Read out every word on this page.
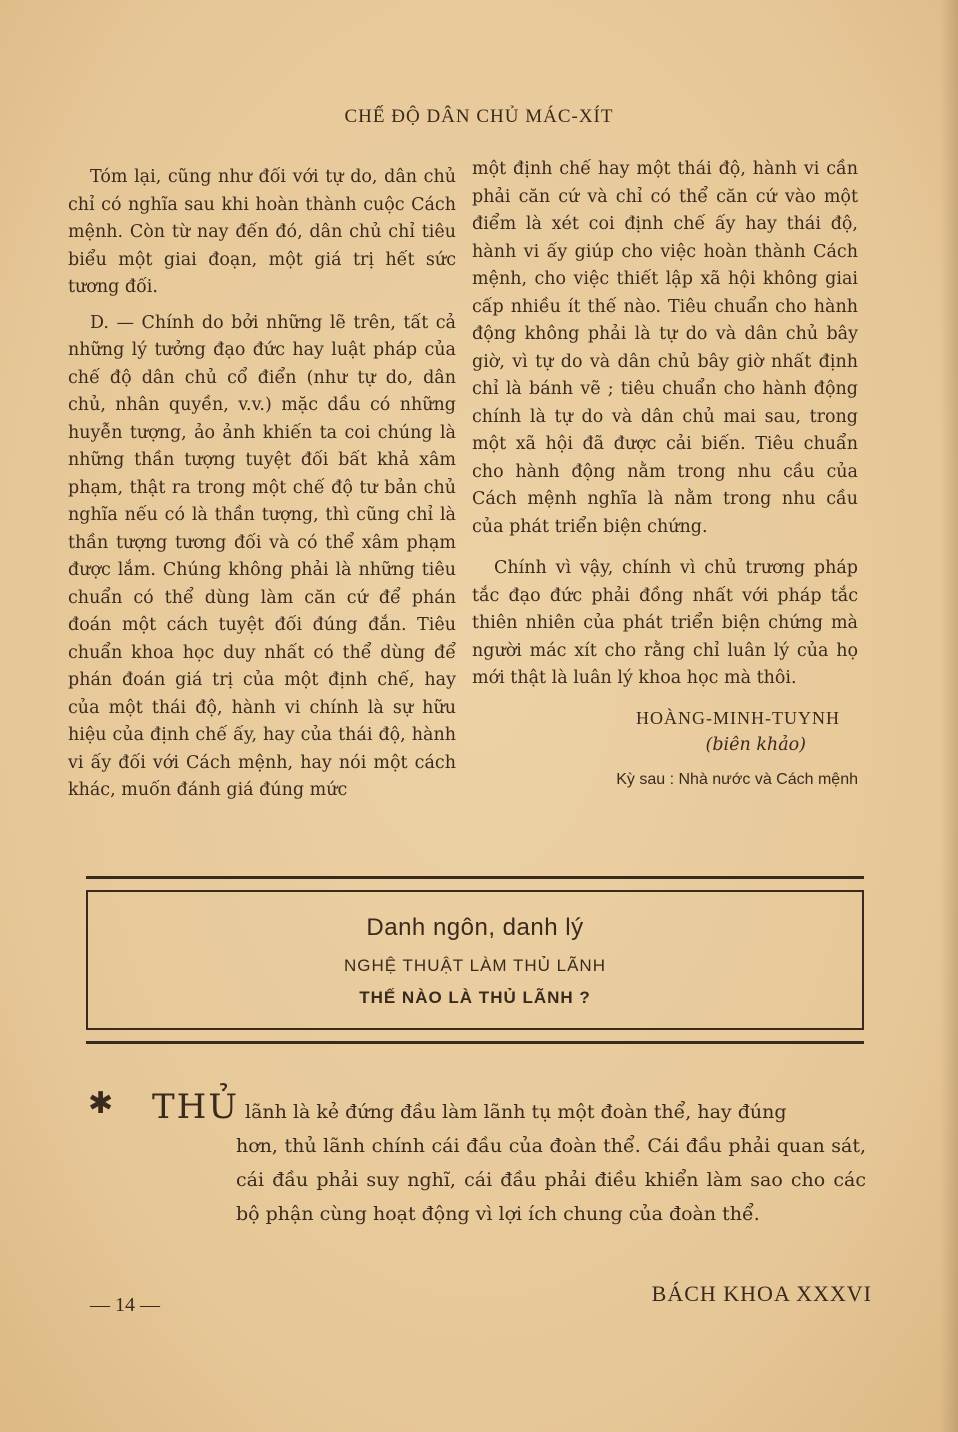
CHẾ ĐỘ DÂN CHỦ MÁC-XÍT

Tóm lại, cũng như đối với tự do, dân chủ chỉ có nghĩa sau khi hoàn thành cuộc Cách mệnh. Còn từ nay đến đó, dân chủ chỉ tiêu biểu một giai đoạn, một giá trị hết sức tương đối.

D. — Chính do bởi những lẽ trên, tất cả những lý tưởng đạo đức hay luật pháp của chế độ dân chủ cổ điển (như tự do, dân chủ, nhân quyền, v.v.) mặc dầu có những huyễn tượng, ảo ảnh khiến ta coi chúng là những thần tượng tuyệt đối bất khả xâm phạm, thật ra trong một chế độ tư bản chủ nghĩa nếu có là thần tượng, thì cũng chỉ là thần tượng tương đối và có thể xâm phạm được lắm. Chúng không phải là những tiêu chuẩn có thể dùng làm căn cứ để phán đoán một cách tuyệt đối đúng đắn. Tiêu chuẩn khoa học duy nhất có thể dùng để phán đoán giá trị của một định chế, hay của một thái độ, hành vi chính là sự hữu hiệu của định chế ấy, hay của thái độ, hành vi ấy đối với Cách mệnh, hay nói một cách khác, muốn đánh giá đúng mức

một định chế hay một thái độ, hành vi cần phải căn cứ và chỉ có thể căn cứ vào một điểm là xét coi định chế ấy hay thái độ, hành vi ấy giúp cho việc hoàn thành Cách mệnh, cho việc thiết lập xã hội không giai cấp nhiều ít thế nào. Tiêu chuẩn cho hành động không phải là tự do và dân chủ bây giờ, vì tự do và dân chủ bây giờ nhất định chỉ là bánh vẽ ; tiêu chuẩn cho hành động chính là tự do và dân chủ mai sau, trong một xã hội đã được cải biến. Tiêu chuẩn cho hành động nằm trong nhu cầu của Cách mệnh nghĩa là nằm trong nhu cầu của phát triển biện chứng.

Chính vì vậy, chính vì chủ trương pháp tắc đạo đức phải đồng nhất với pháp tắc thiên nhiên của phát triển biện chứng mà người mác xít cho rằng chỉ luân lý của họ mới thật là luân lý khoa học mà thôi.

HOÀNG-MINH-TUYNH

(biên khảo)

Kỳ sau : Nhà nước và Cách mệnh

Danh ngôn, danh lý
NGHỆ THUẬT LÀM THỦ LÃNH
THẾ NÀO LÀ THỦ LÃNH ?
✱ THỦ lãnh là kẻ đứng đầu làm lãnh tụ một đoàn thể, hay đúng

hơn, thủ lãnh chính cái đầu của đoàn thể. Cái đầu phải quan sát, cái đầu phải suy nghĩ, cái đầu phải điều khiển làm sao cho các bộ phận cùng hoạt động vì lợi ích chung của đoàn thể.

— 14 —	BÁCH KHOA XXXVI
